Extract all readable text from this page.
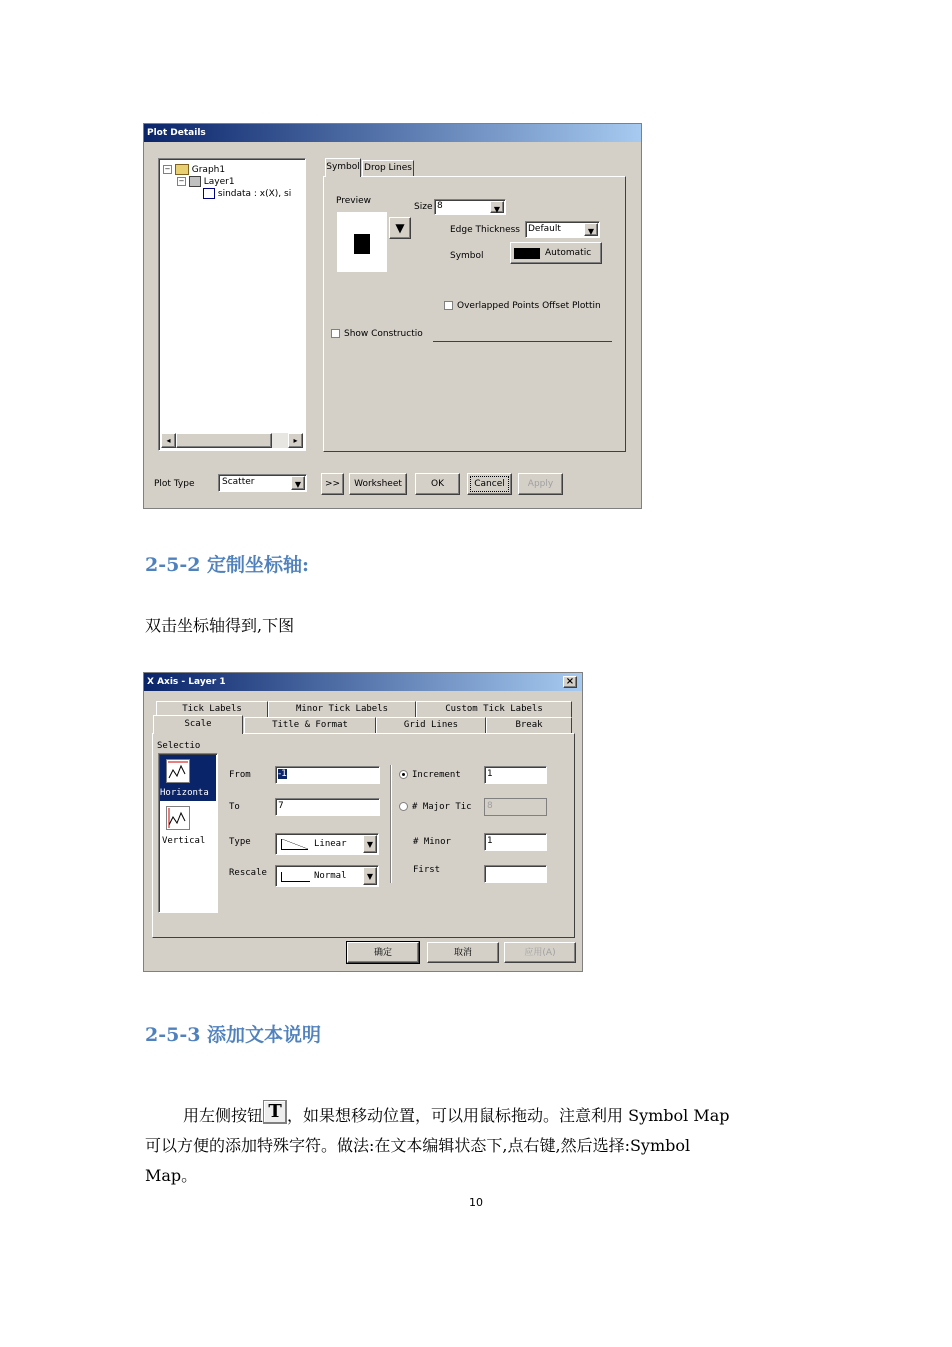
Plot Details
− Graph1
− Layer1
sindata : x(X), si
◂	▸
Symbol Drop Lines
Preview
▼
Size 8	▼
Edge Thickness Default	▼
Symbol	Automatic
Overlapped Points Offset Plottin
Show Constructio
Plot Type	Scatter	▼	>>	Worksheet	OK	Cancel	Apply
2-5-2 定制坐标轴:
双击坐标轴得到,下图
X Axis - Layer 1	×
Tick Labels	Minor Tick Labels	Custom Tick Labels
Scale	Title & Format	Grid Lines	Break
Selectio
Horizonta
Vertical
From	-1
To	7
Type	Linear	▼
Rescale	Normal	▼
Increment	1
# Major Tic	8
# Minor	1
First
确定	取消	应用(A)
2-5-3 添加文本说明
用左侧按钮 T ，如果想移动位置，可以用鼠标拖动。注意利用 Symbol Map
可以方便的添加特殊字符。做法:在文本编辑状态下,点右键,然后选择:Symbol
Map。
10
